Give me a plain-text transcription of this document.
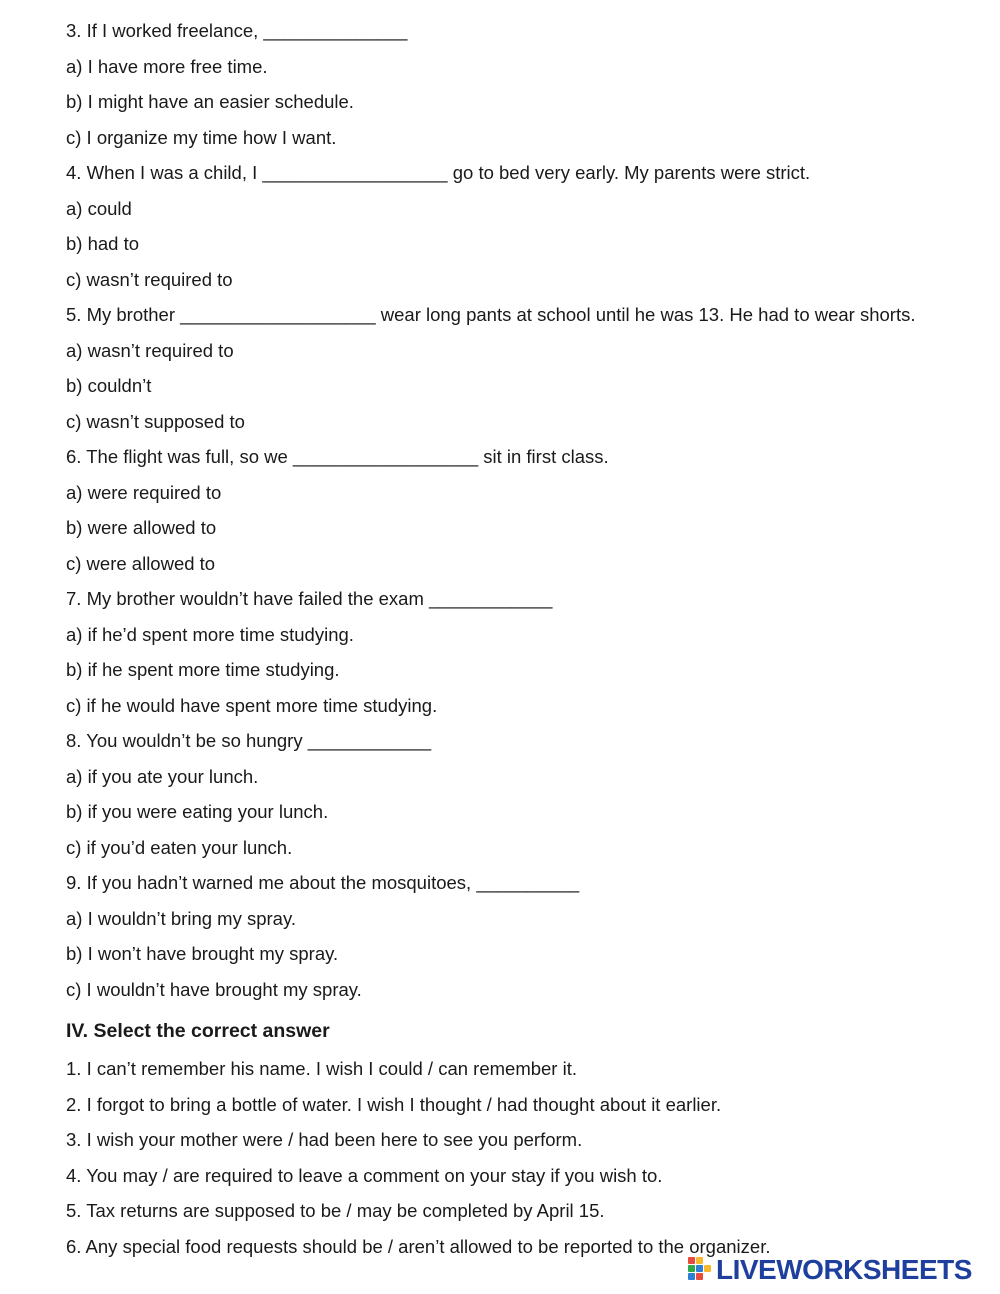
3. If I worked freelance, ______________
a) I have more free time.
b) I might have an easier schedule.
c) I organize my time how I want.
4. When I was a child, I __________________ go to bed very early. My parents were strict.
a) could
b) had to
c) wasn’t required to
5. My brother ___________________ wear long pants at school until he was 13. He had to wear shorts.
a) wasn’t required to
b) couldn’t
c) wasn’t supposed to
6. The flight was full, so we __________________ sit in first class.
a) were required to
b) were allowed to
c) were allowed to
7. My brother wouldn’t have failed the exam ____________
a) if he’d spent more time studying.
b) if he spent more time studying.
c) if he would have spent more time studying.
8. You wouldn’t be so hungry ____________
a) if you ate your lunch.
b) if you were eating your lunch.
c) if you’d eaten your lunch.
9. If you hadn’t warned me about the mosquitoes, __________
a) I wouldn’t bring my spray.
b) I won’t have brought my spray.
c) I wouldn’t have brought my spray.
IV. Select the correct answer
1. I can’t remember his name. I wish I could / can remember it.
2. I forgot to bring a bottle of water. I wish I thought / had thought about it earlier.
3. I wish your mother were / had been here to see you perform.
4. You may / are required to leave a comment on your stay if you wish to.
5. Tax returns are supposed to be / may be completed by April 15.
6. Any special food requests should be / aren’t allowed to be reported to the organizer.
LIVEWORKSHEETS
